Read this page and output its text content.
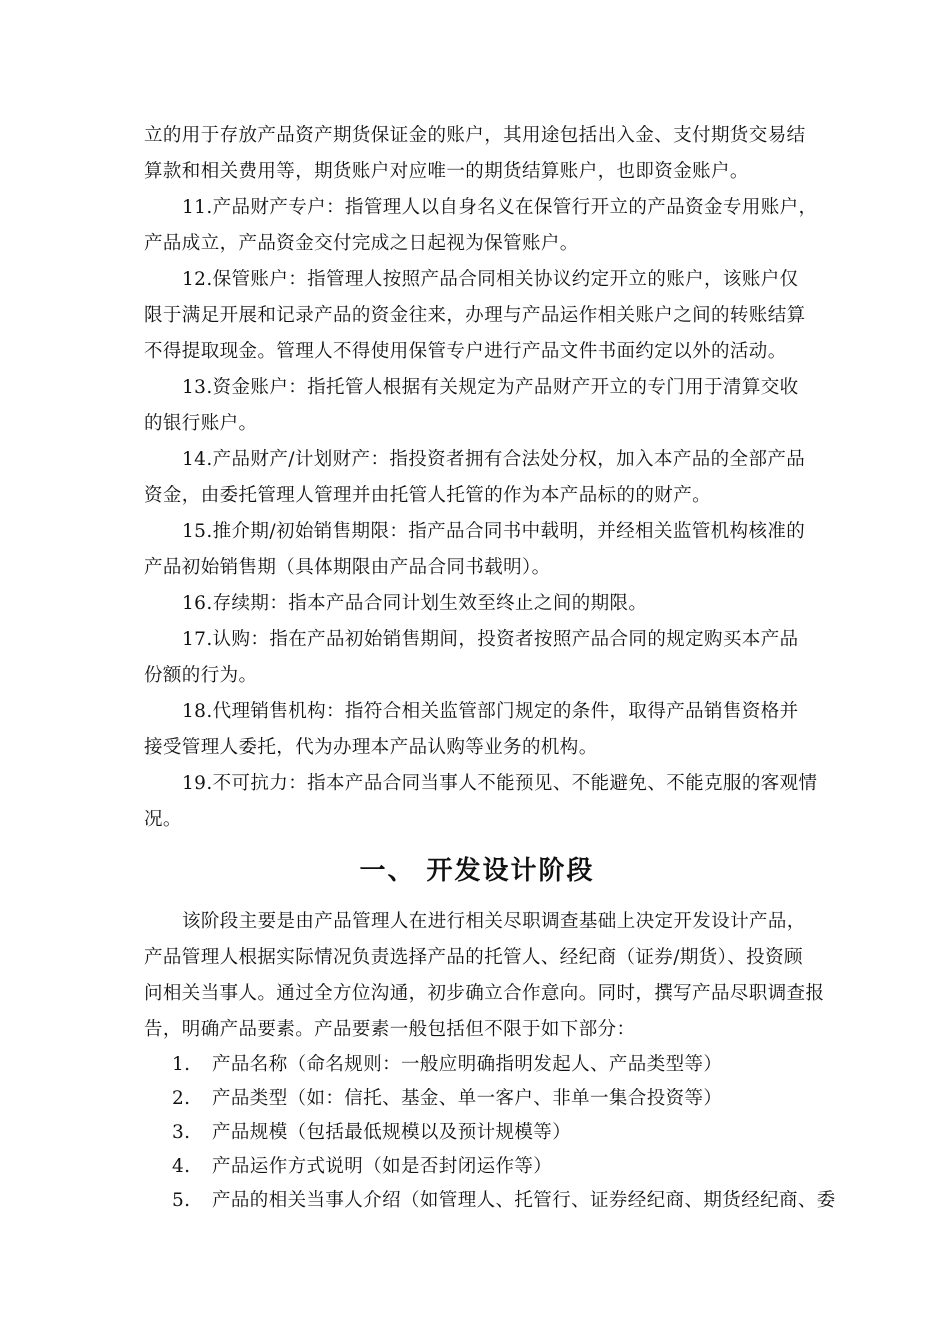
立的用于存放产品资产期货保证金的账户，其用途包括出入金、支付期货交易结
算款和相关费用等，期货账户对应唯一的期货结算账户，也即资金账户。
11.产品财产专户：指管理人以自身名义在保管行开立的产品资金专用账户，
产品成立，产品资金交付完成之日起视为保管账户。
12.保管账户：指管理人按照产品合同相关协议约定开立的账户，该账户仅
限于满足开展和记录产品的资金往来，办理与产品运作相关账户之间的转账结算
不得提取现金。管理人不得使用保管专户进行产品文件书面约定以外的活动。
13.资金账户：指托管人根据有关规定为产品财产开立的专门用于清算交收
的银行账户。
14.产品财产/计划财产：指投资者拥有合法处分权，加入本产品的全部产品
资金，由委托管理人管理并由托管人托管的作为本产品标的的财产。
15.推介期/初始销售期限：指产品合同书中载明，并经相关监管机构核准的
产品初始销售期（具体期限由产品合同书载明）。
16.存续期：指本产品合同计划生效至终止之间的期限。
17.认购：指在产品初始销售期间，投资者按照产品合同的规定购买本产品
份额的行为。
18.代理销售机构：指符合相关监管部门规定的条件，取得产品销售资格并
接受管理人委托，代为办理本产品认购等业务的机构。
19.不可抗力：指本产品合同当事人不能预见、不能避免、不能克服的客观情
况。
一、 开发设计阶段
该阶段主要是由产品管理人在进行相关尽职调查基础上决定开发设计产品，
产品管理人根据实际情况负责选择产品的托管人、经纪商（证券/期货）、投资顾
问相关当事人。通过全方位沟通，初步确立合作意向。同时，撰写产品尽职调查报
告，明确产品要素。产品要素一般包括但不限于如下部分：
1. 产品名称（命名规则：一般应明确指明发起人、产品类型等）
2. 产品类型（如：信托、基金、单一客户、非单一集合投资等）
3. 产品规模（包括最低规模以及预计规模等）
4. 产品运作方式说明（如是否封闭运作等）
5. 产品的相关当事人介绍（如管理人、托管行、证券经纪商、期货经纪商、委
